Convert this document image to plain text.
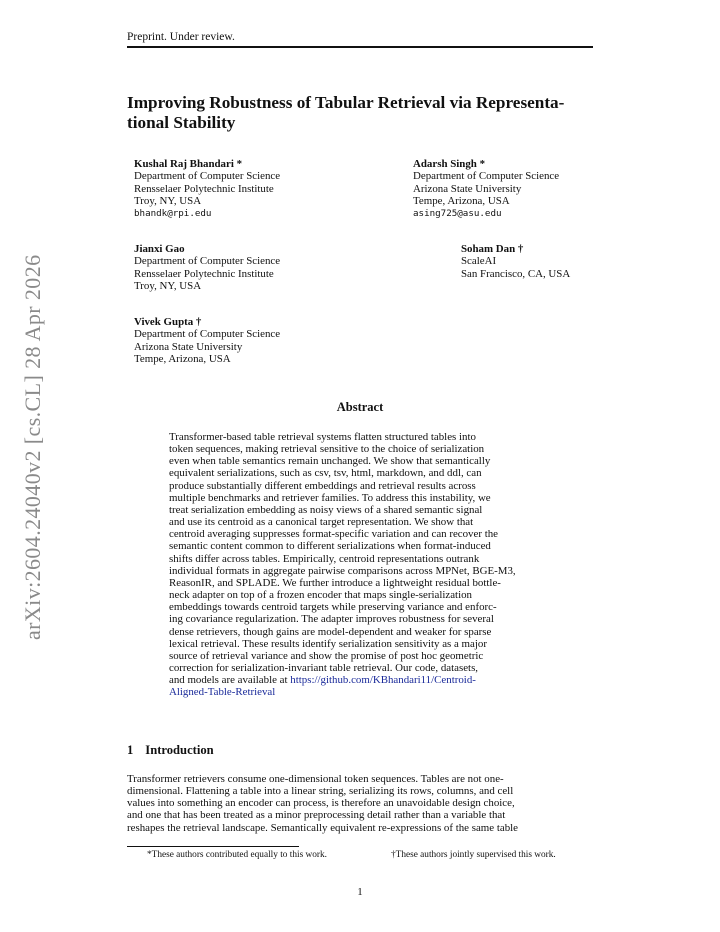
Preprint. Under review.
arXiv:2604.24040v2 [cs.CL] 28 Apr 2026
Improving Robustness of Tabular Retrieval via Representa-
tional Stability
Kushal Raj Bhandari *
Department of Computer Science
Rensselaer Polytechnic Institute
Troy, NY, USA
bhandk@rpi.edu
Adarsh Singh *
Department of Computer Science
Arizona State University
Tempe, Arizona, USA
asing725@asu.edu
Jianxi Gao
Department of Computer Science
Rensselaer Polytechnic Institute
Troy, NY, USA
Soham Dan †
ScaleAI
San Francisco, CA, USA
Vivek Gupta †
Department of Computer Science
Arizona State University
Tempe, Arizona, USA
Abstract
Transformer-based table retrieval systems flatten structured tables into
token sequences, making retrieval sensitive to the choice of serialization
even when table semantics remain unchanged. We show that semantically
equivalent serializations, such as csv, tsv, html, markdown, and ddl, can
produce substantially different embeddings and retrieval results across
multiple benchmarks and retriever families. To address this instability, we
treat serialization embedding as noisy views of a shared semantic signal
and use its centroid as a canonical target representation. We show that
centroid averaging suppresses format-specific variation and can recover the
semantic content common to different serializations when format-induced
shifts differ across tables. Empirically, centroid representations outrank
individual formats in aggregate pairwise comparisons across MPNet, BGE-M3,
ReasonIR, and SPLADE. We further introduce a lightweight residual bottle-
neck adapter on top of a frozen encoder that maps single-serialization
embeddings towards centroid targets while preserving variance and enforc-
ing covariance regularization. The adapter improves robustness for several
dense retrievers, though gains are model-dependent and weaker for sparse
lexical retrieval. These results identify serialization sensitivity as a major
source of retrieval variance and show the promise of post hoc geometric
correction for serialization-invariant table retrieval. Our code, datasets,
and models are available at https://github.com/KBhandari11/Centroid-
Aligned-Table-Retrieval
1 Introduction
Transformer retrievers consume one-dimensional token sequences. Tables are not one-
dimensional. Flattening a table into a linear string, serializing its rows, columns, and cell
values into something an encoder can process, is therefore an unavoidable design choice,
and one that has been treated as a minor preprocessing detail rather than a variable that
reshapes the retrieval landscape. Semantically equivalent re-expressions of the same table
*These authors contributed equally to this work.	†These authors jointly supervised this work.
1
